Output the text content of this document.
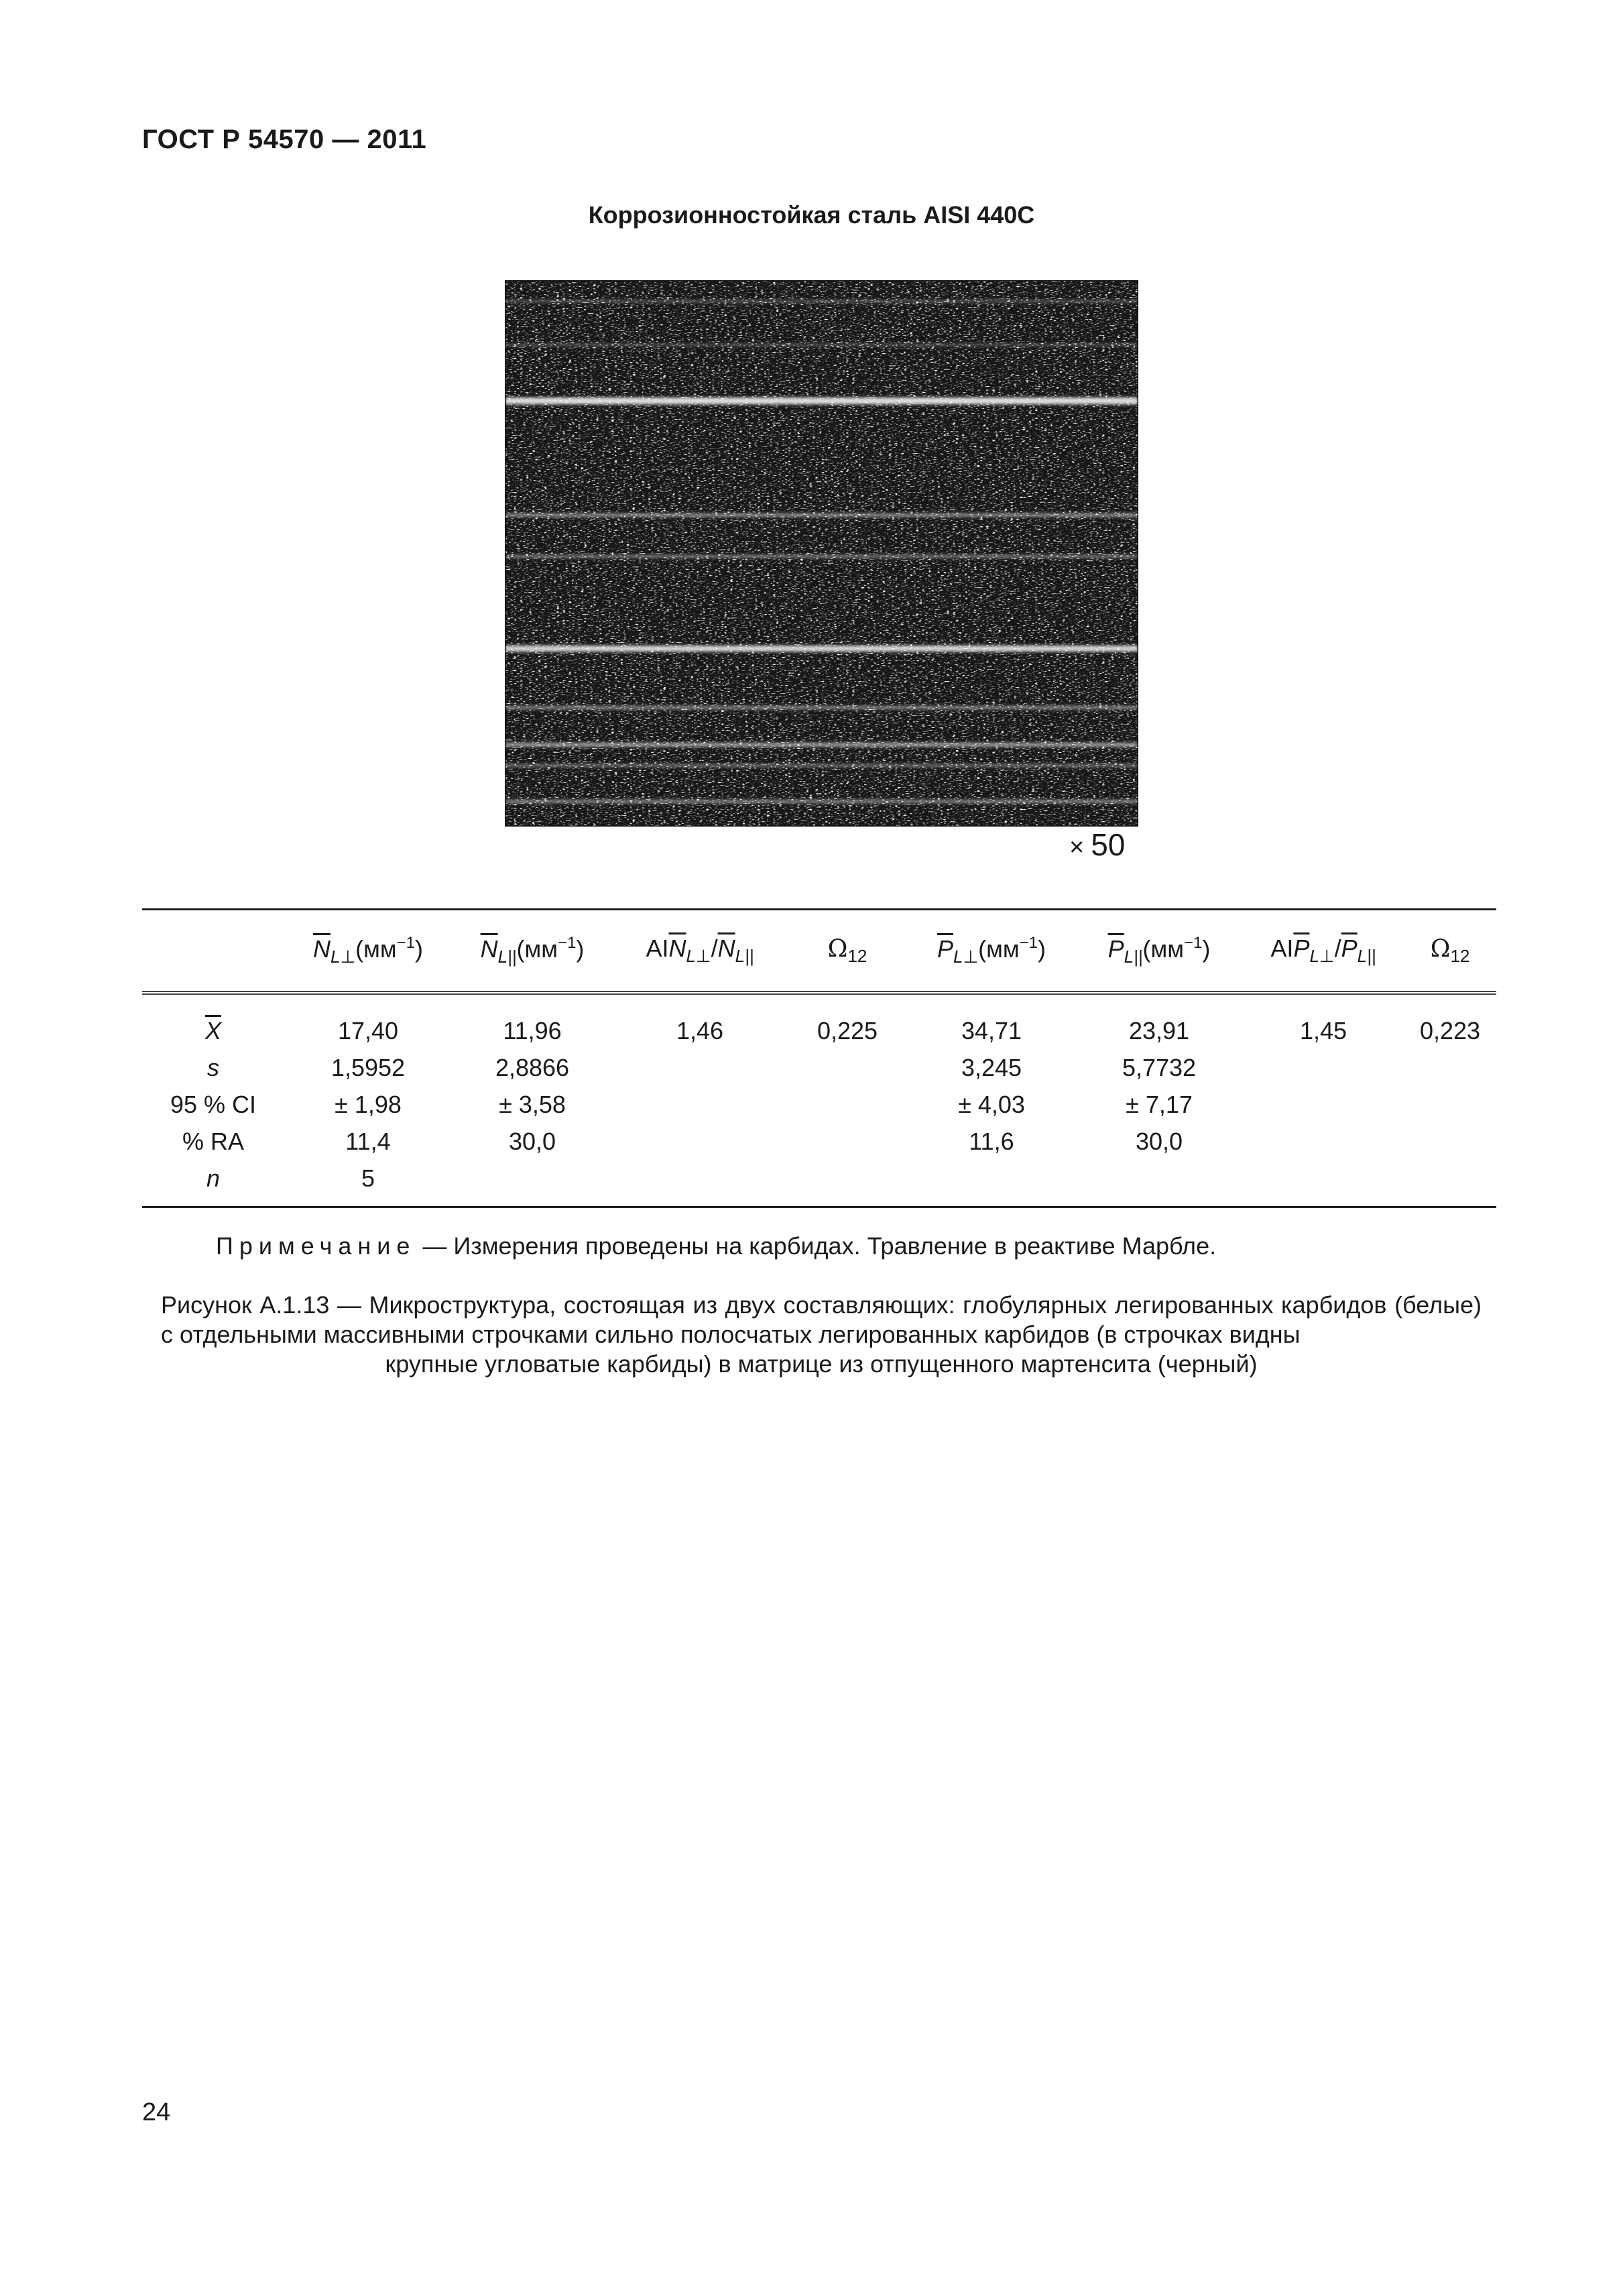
ГОСТ Р 54570 — 2011
Коррозионностойкая сталь AISI 440С
× 50
	$\overline{N}_{L\perp}(мм^{-1})$	$\overline{N}_{L||}(мм^{-1})$	$AI\overline{N}_{L\perp}/\overline{N}_{L||}$	$\Omega_{12}$	$\overline{P}_{L\perp}(мм^{-1})$	$\overline{P}_{L||}(мм^{-1})$	$AI\overline{P}_{L\perp}/\overline{P}_{L||}$	$\Omega_{12}$
$\overline{X}$	17,40	11,96	1,46	0,225	34,71	23,91	1,45	0,223
s	1,5952	2,8866			3,245	5,7732		
95 % CI	± 1,98	± 3,58			± 4,03	± 7,17		
% RA	11,4	30,0			11,6	30,0		
n	5							
Примечание — Измерения проведены на карбидах. Травление в реактиве Марбле.
Рисунок А.1.13 — Микроструктура, состоящая из двух составляющих: глобулярных легированных карбидов (белые) с отдельными массивными строчками сильно полосчатых легированных карбидов (в строчках видны
крупные угловатые карбиды) в матрице из отпущенного мартенсита (черный)
24
